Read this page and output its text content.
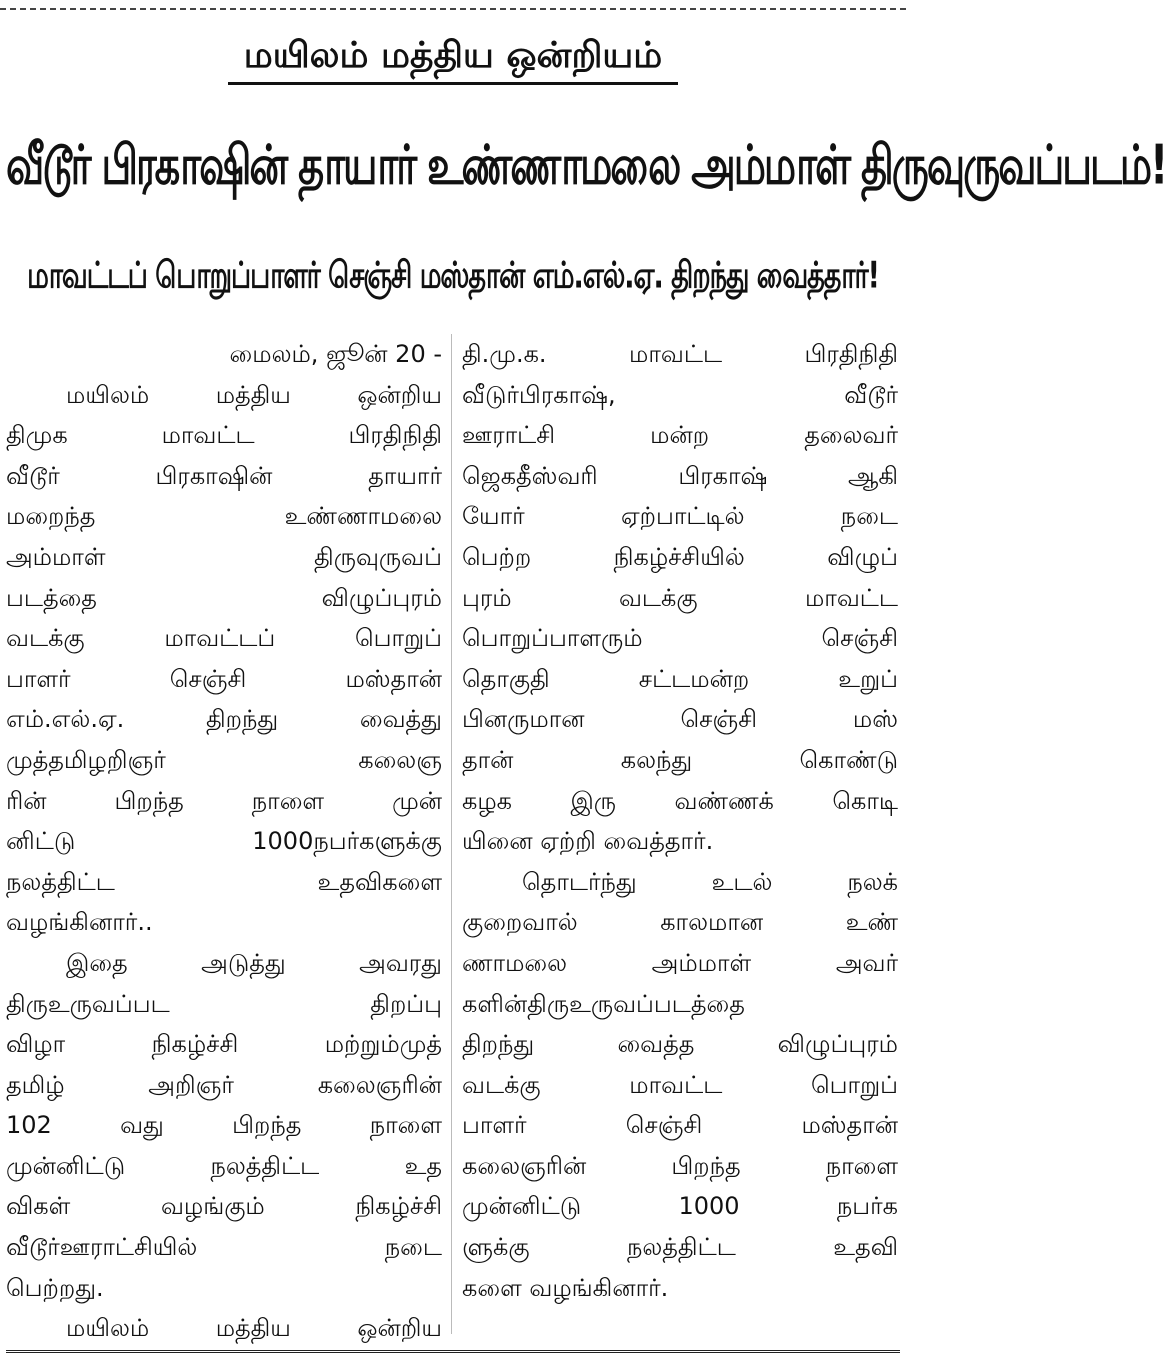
மயிலம் மத்திய ஒன்றியம்
வீடூர் பிரகாஷின் தாயார் உண்ணாமலை அம்மாள் திருவுருவப்படம்!
மாவட்டப் பொறுப்பாளர் செஞ்சி மஸ்தான் எம்.எல்.ஏ. திறந்து வைத்தார்!
மைலம், ஜூன் 20 -
மயிலம் மத்திய ஒன்றிய
திமுக மாவட்ட பிரதிநிதி
வீடூர் பிரகாஷின் தாயார்
மறைந்த உண்ணாமலை
அம்மாள் திருவுருவப்
படத்தை விழுப்புரம்
வடக்கு மாவட்டப் பொறுப்
பாளர் செஞ்சி மஸ்தான்
எம்.எல்.ஏ. திறந்து வைத்து
முத்தமிழறிஞர் கலைஞ
ரின் பிறந்த நாளை முன்
னிட்டு 1000நபர்களுக்கு
நலத்திட்ட உதவிகளை
வழங்கினார்..
இதை அடுத்து அவரது
திருஉருவப்பட திறப்பு
விழா நிகழ்ச்சி மற்றும்முத்
தமிழ் அறிஞர் கலைஞரின்
102 வது பிறந்த நாளை
முன்னிட்டு நலத்திட்ட உத
விகள் வழங்கும் நிகழ்ச்சி
வீடூர்ஊராட்சியில் நடை
பெற்றது.
மயிலம் மத்திய ஒன்றிய
தி.மு.க. மாவட்ட பிரதிநிதி
வீடுர்பிரகாஷ், வீடூர்
ஊராட்சி மன்ற தலைவர்
ஜெகதீஸ்வரி பிரகாஷ் ஆகி
யோர் ஏற்பாட்டில் நடை
பெற்ற நிகழ்ச்சியில் விழுப்
புரம் வடக்கு மாவட்ட
பொறுப்பாளரும் செஞ்சி
தொகுதி சட்டமன்ற உறுப்
பினருமான செஞ்சி மஸ்
தான் கலந்து கொண்டு
கழக இரு வண்ணக் கொடி
யினை ஏற்றி வைத்தார்.
தொடர்ந்து உடல் நலக்
குறைவால் காலமான உண்
ணாமலை அம்மாள் அவர்
களின்திருஉருவப்படத்தை
திறந்து வைத்த விழுப்புரம்
வடக்கு மாவட்ட பொறுப்
பாளர் செஞ்சி மஸ்தான்
கலைஞரின் பிறந்த நாளை
முன்னிட்டு 1000 நபர்க
ளுக்கு நலத்திட்ட உதவி
களை வழங்கினார்.
